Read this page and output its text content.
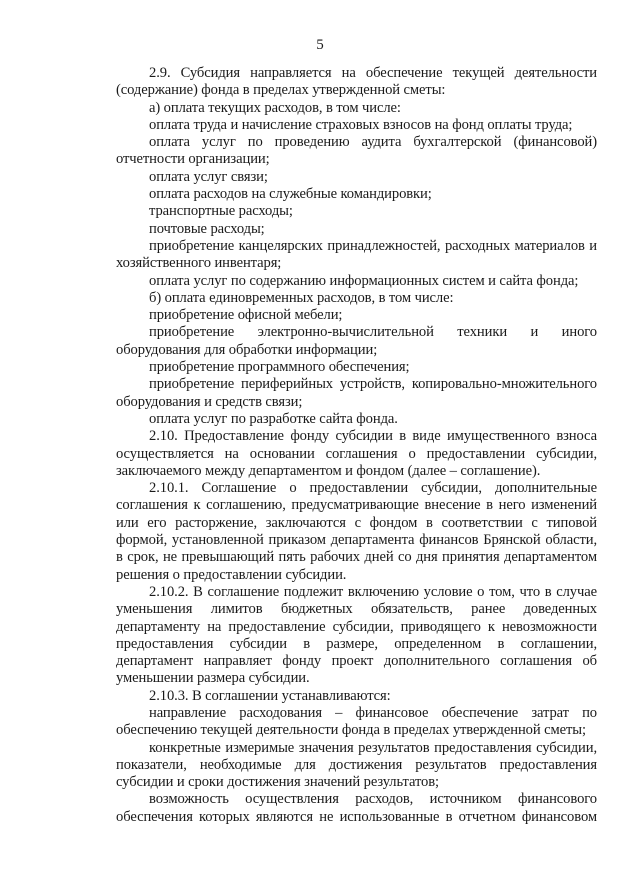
5

2.9. Субсидия направляется на обеспечение текущей деятельности (содержание) фонда в пределах утвержденной сметы:

а) оплата текущих расходов, в том числе:

оплата труда и начисление страховых взносов на фонд оплаты труда;

оплата услуг по проведению аудита бухгалтерской (финансовой) отчетности организации;

оплата услуг связи;

оплата расходов на служебные командировки;

транспортные расходы;

почтовые расходы;

приобретение канцелярских принадлежностей, расходных материалов и хозяйственного инвентаря;

оплата услуг по содержанию информационных систем и сайта фонда;

б) оплата единовременных расходов, в том числе:

приобретение офисной мебели;

приобретение электронно-вычислительной техники и иного оборудования для обработки информации;

приобретение программного обеспечения;

приобретение периферийных устройств, копировально-множительного оборудования и средств связи;

оплата услуг по разработке сайта фонда.

2.10. Предоставление фонду субсидии в виде имущественного взноса осуществляется на основании соглашения о предоставлении субсидии, заключаемого между департаментом и фондом (далее – соглашение).

2.10.1. Соглашение о предоставлении субсидии, дополнительные соглашения к соглашению, предусматривающие внесение в него изменений или его расторжение, заключаются с фондом в соответствии с типовой формой, установленной приказом департамента финансов Брянской области, в срок, не превышающий пять рабочих дней со дня принятия департаментом решения о предоставлении субсидии.

2.10.2. В соглашение подлежит включению условие о том, что в случае уменьшения лимитов бюджетных обязательств, ранее доведенных департаменту на предоставление субсидии, приводящего к невозможности предоставления субсидии в размере, определенном в соглашении, департамент направляет фонду проект дополнительного соглашения об уменьшении размера субсидии.

2.10.3. В соглашении устанавливаются:

направление расходования – финансовое обеспечение затрат по обеспечению текущей деятельности фонда в пределах утвержденной сметы;

конкретные измеримые значения результатов предоставления субсидии, показатели, необходимые для достижения результатов предоставления субсидии и сроки достижения значений результатов;

возможность осуществления расходов, источником финансового обеспечения которых являются не использованные в отчетном финансовом
